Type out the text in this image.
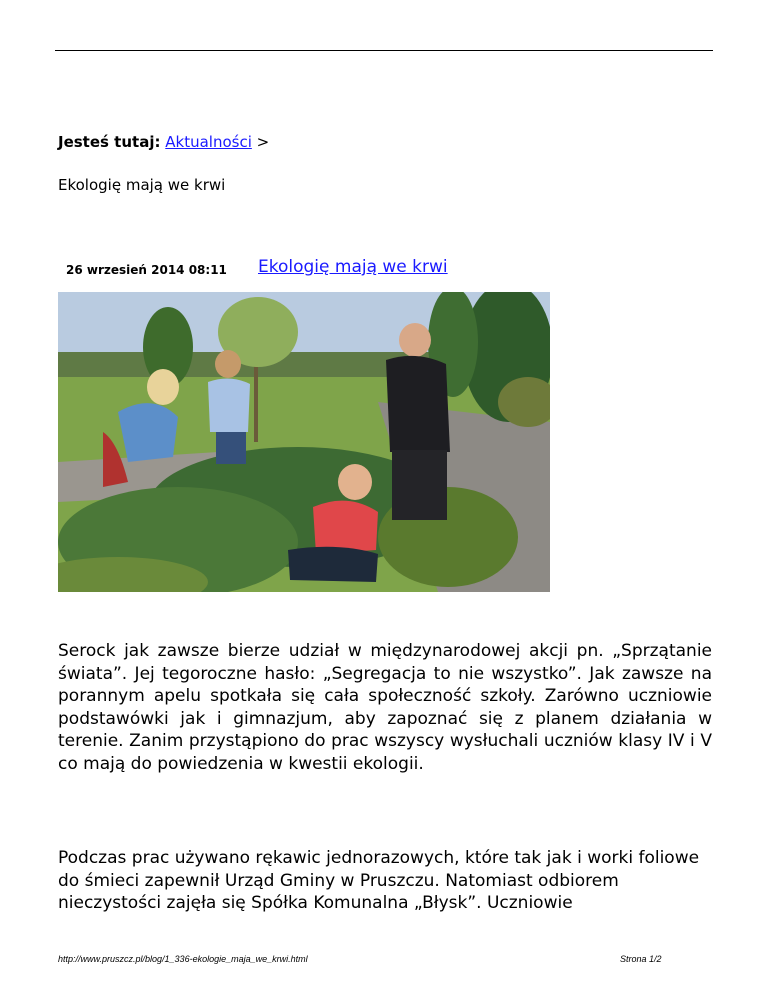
Jesteś tutaj: Aktualności >
Ekologię mają we krwi
26 wrzesień 2014 08:11 Ekologię mają we krwi
Serock jak zawsze bierze udział w międzynarodowej akcji pn. „Sprzątanie świata”. Jej tegoroczne hasło: „Segregacja to nie wszystko”. Jak zawsze na porannym apelu spotkała się cała społeczność szkoły. Zarówno uczniowie podstawówki jak i gimnazjum, aby zapoznać się z planem działania w terenie. Zanim przystąpiono do prac wszyscy wysłuchali uczniów klasy IV i V co mają do powiedzenia w kwestii ekologii.
Podczas prac używano rękawic jednorazowych, które tak jak i worki foliowe do śmieci zapewnił Urząd Gminy w Pruszczu. Natomiast odbiorem nieczystości zajęła się Spółka Komunalna „Błysk”. Uczniowie
http://www.pruszcz.pl/blog/1_336-ekologie_maja_we_krwi.html	Strona 1/2
